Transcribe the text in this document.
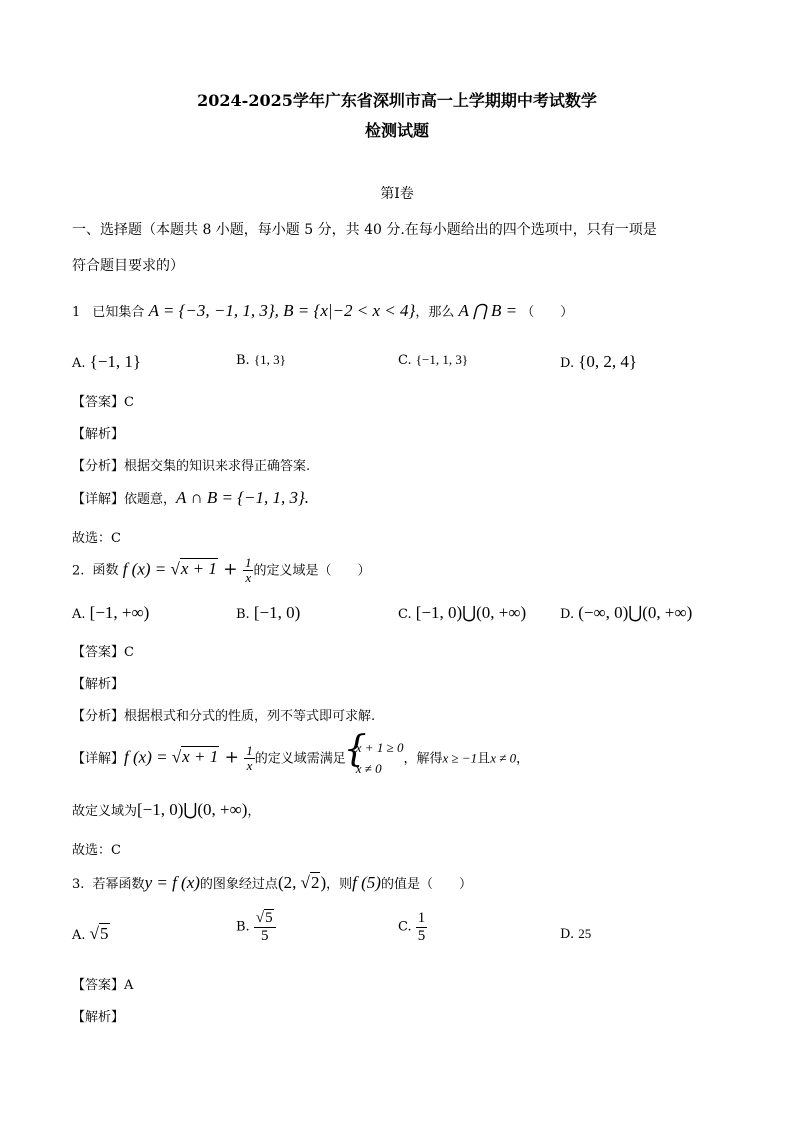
2024-2025学年广东省深圳市高一上学期期中考试数学
检测试题
第Ⅰ卷
一、选择题（本题共 8 小题，每小题 5 分，共 40 分.在每小题给出的四个选项中，只有一项是
符合题目要求的）
1 已知集合 A = {−3, −1, 1, 3}, B = {x|−2 < x < 4}，那么 A ⋂ B = （　　）
A. {−1, 1}	B. {1, 3}	C. {−1, 1, 3}	D. {0, 2, 4}
【答案】C
【解析】
【分析】根据交集的知识来求得正确答案.
【详解】依题意，A ∩ B = {−1, 1, 3}.
故选：C
2. 函数 f $(x) = √x + 1 + \frac{1}{x}$ 的定义域是（　　）
A. [−1, +∞)	B. [−1, 0)	C. [−1, 0)⋃(0, +∞)	D. (−∞, 0)⋃(0, +∞)
【答案】C
【解析】
【分析】根据根式和分式的性质，列不等式即可求解.
【详解】f $(x) = √x + 1 + \frac{1}{x}$ 的定义域需满足
{ x + 1 ≥ 0
x ≠ 0
，解得x ≥ −1且x ≠ 0，
故定义域为[−1, 0)⋃(0, +∞)，
故选：C
3. 若幂函数y = f (x)的图象经过点(2, √2)，则f (5)的值是（　　）
A. √5	B. $\frac{√5}{5}$	C. $\frac{1}{5}$	D. 25
【答案】A
【解析】
